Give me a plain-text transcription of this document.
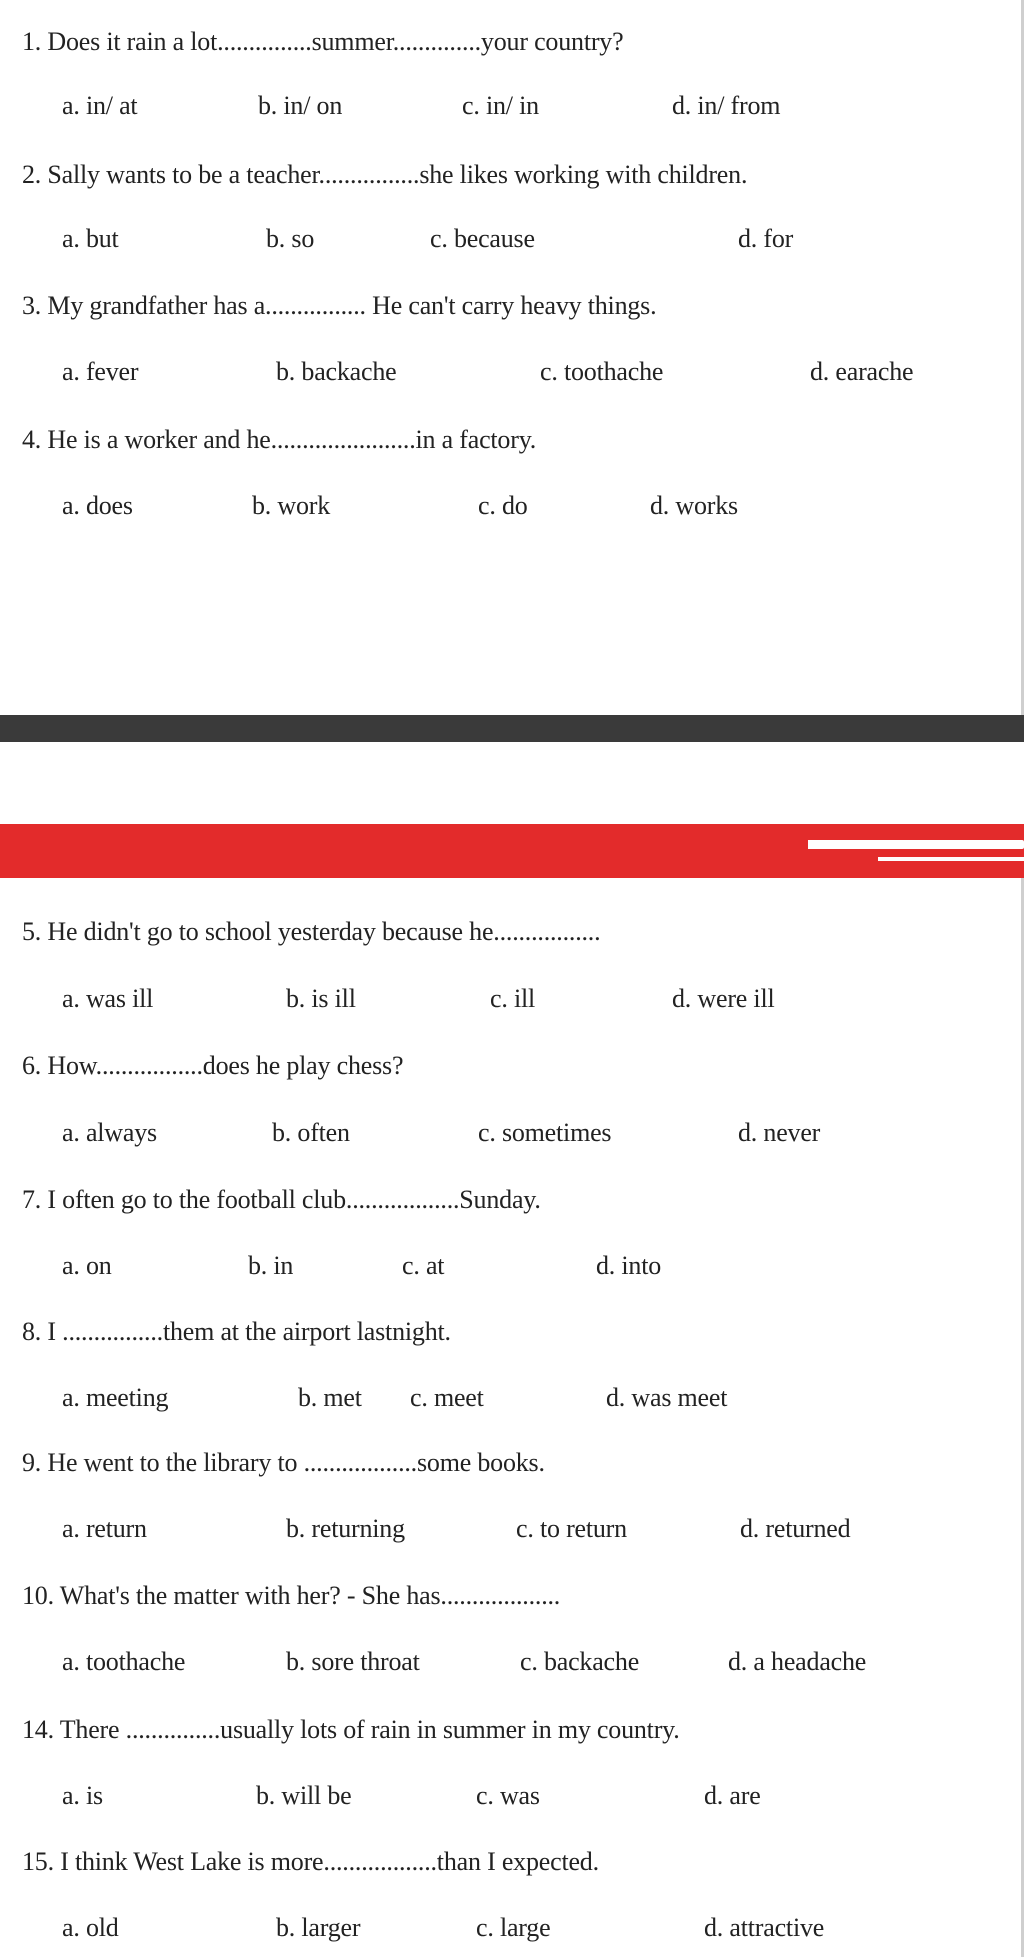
1. Does it rain a lot...............summer..............your country?
a. in/ at	b. in/ on	c. in/ in	d. in/ from
2. Sally wants to be a teacher................she likes working with children.
a. but	b. so	c. because	d. for
3. My grandfather has a................ He can't carry heavy things.
a. fever	b. backache	c. toothache	d. earache
4. He is a worker and he.......................in a factory.
a. does	b. work	c. do	d. works
5. He didn't go to school yesterday because he.................
a. was ill	b. is ill	c. ill	d. were ill
6. How.................does he play chess?
a. always	b. often	c. sometimes	d. never
7. I often go to the football club..................Sunday.
a. on	b. in	c. at	d. into
8. I ................them at the airport lastnight.
a. meeting	b. met c. meet	d. was meet
9. He went to the library to ..................some books.
a. return	b. returning	c. to return	d. returned
10. What's the matter with her? - She has...................
a. toothache	b. sore throat	c. backache	d. a headache
14. There ...............usually lots of rain in summer in my country.
a. is	b. will be	c. was	d. are
15. I think West Lake is more..................than I expected.
a. old	b. larger	c. large	d. attractive
